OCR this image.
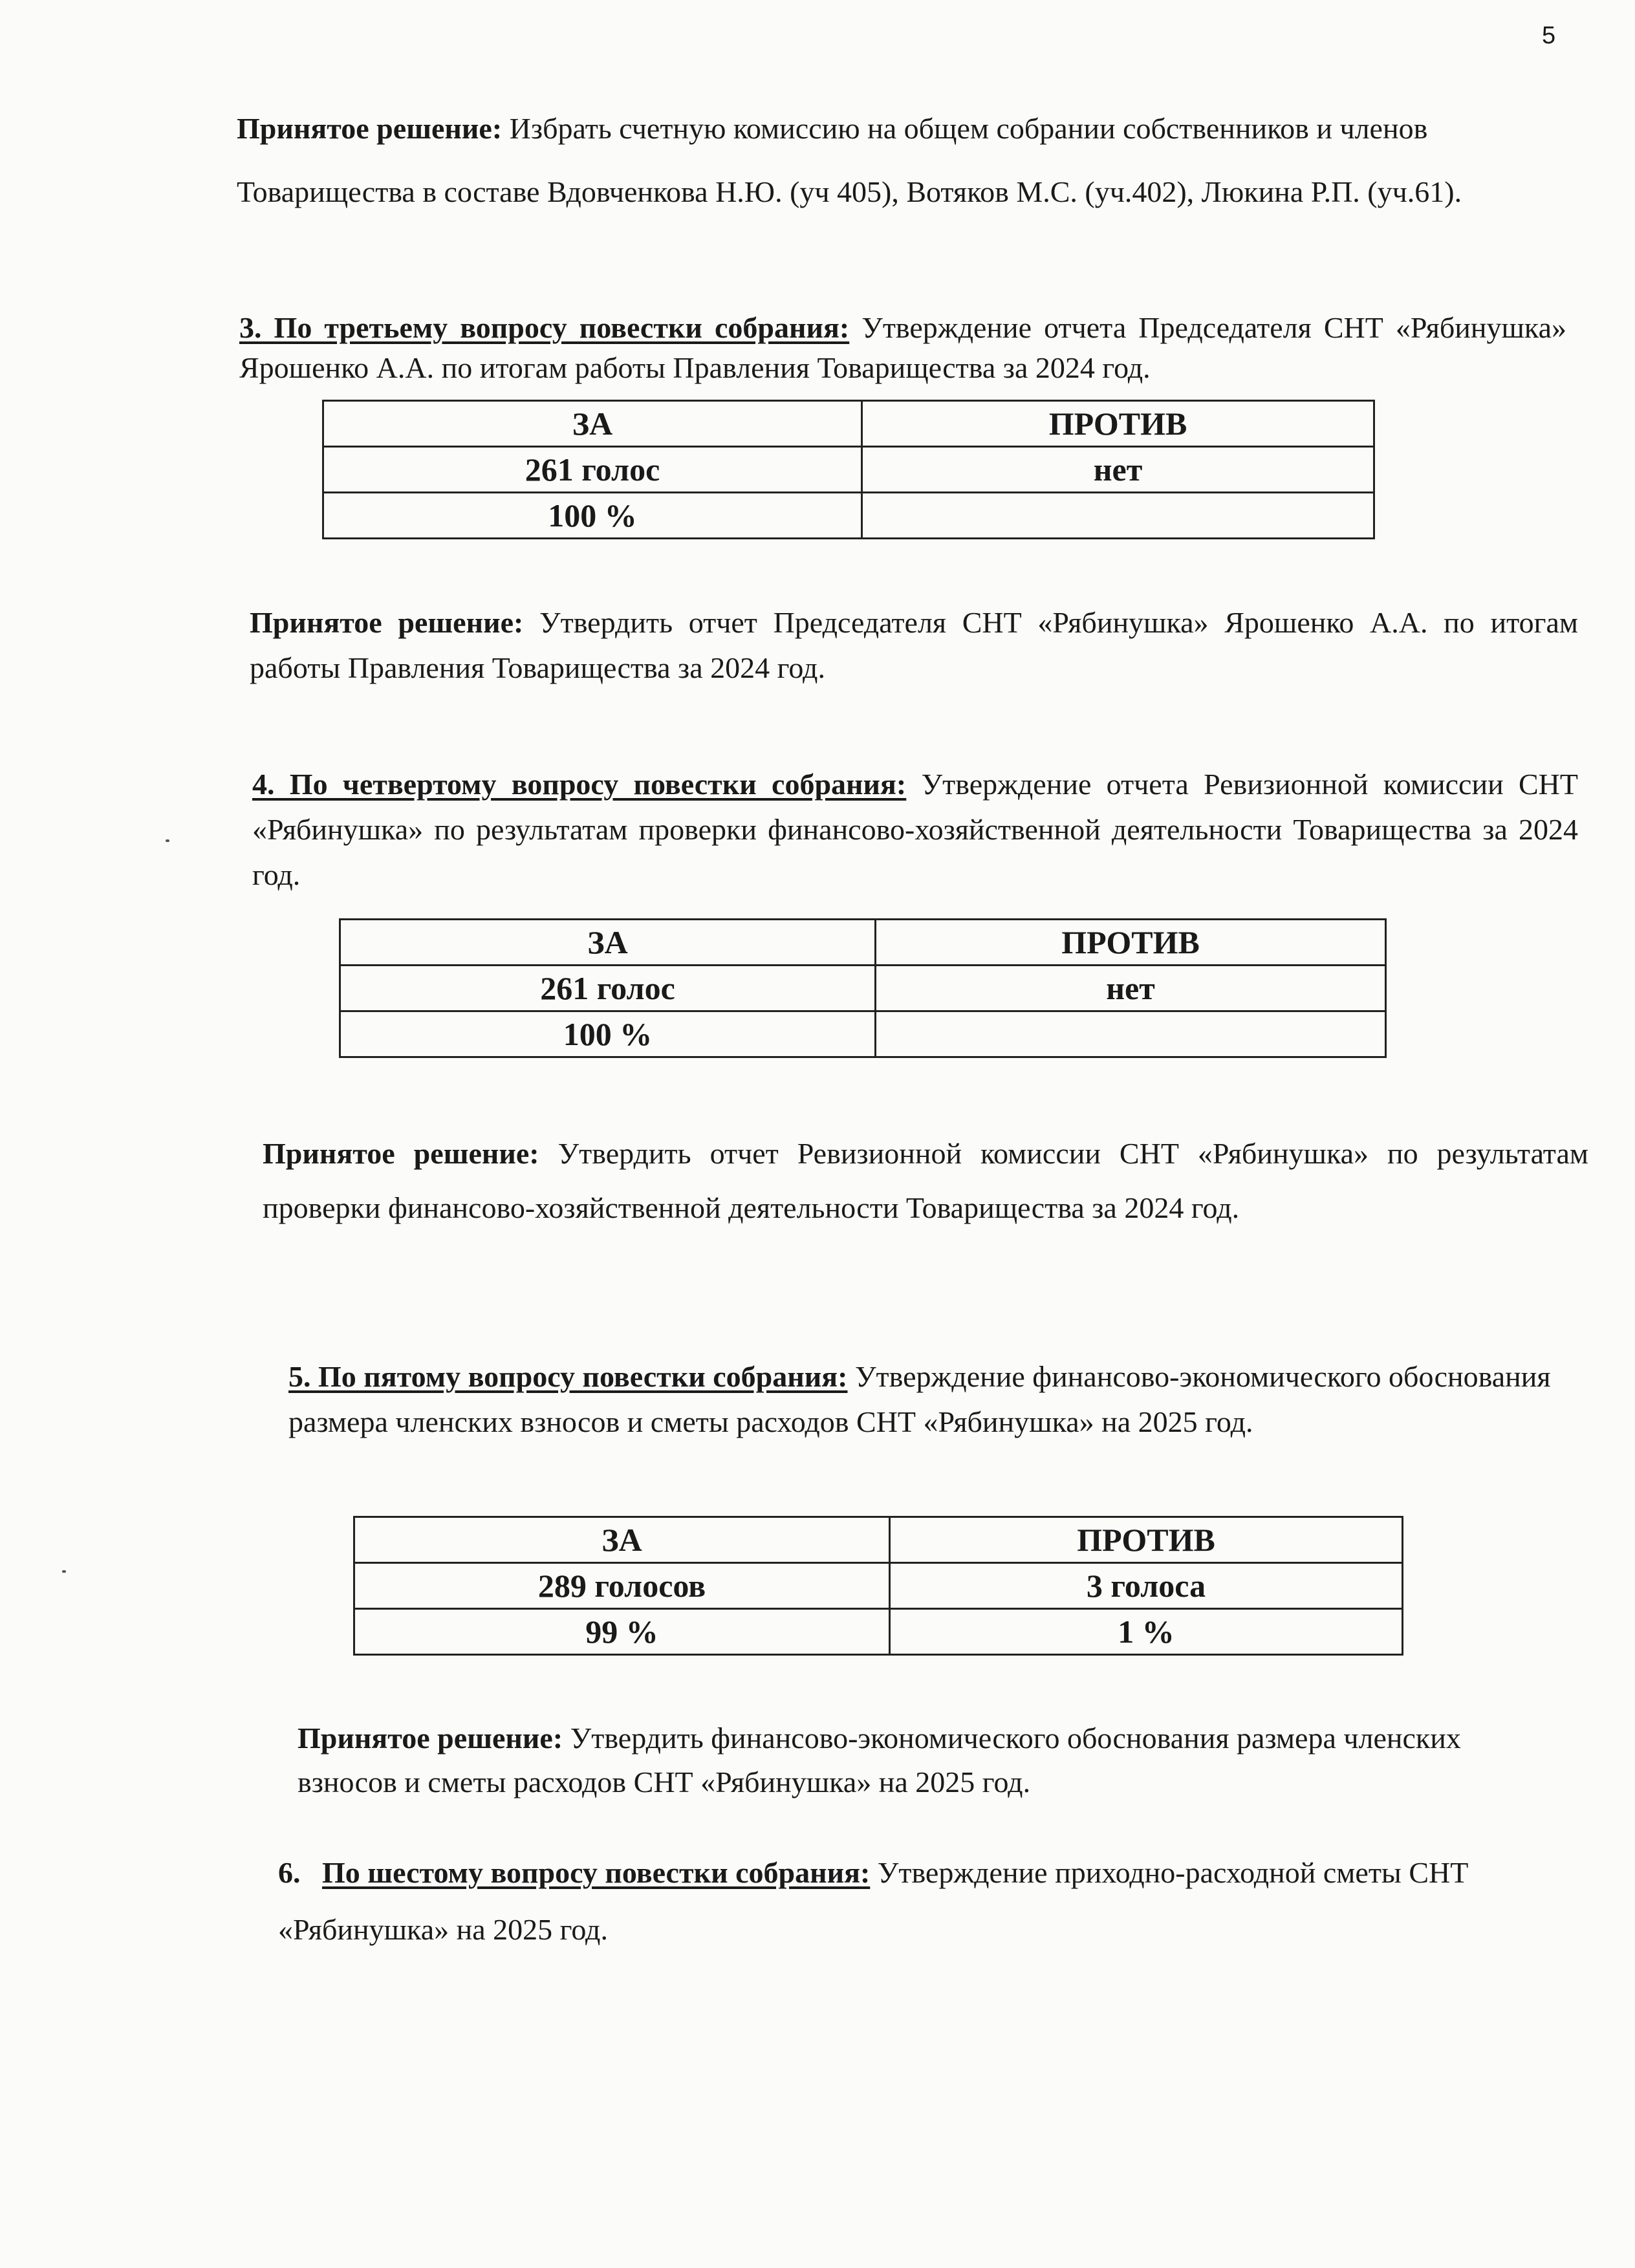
5
Принятое решение: Избрать счетную комиссию на общем собрании собственников и членов Товарищества в составе Вдовченкова Н.Ю. (уч 405), Вотяков М.С. (уч.402), Люкина Р.П. (уч.61).
3. По третьему вопросу повестки собрания: Утверждение отчета Председателя СНТ «Рябинушка» Ярошенко А.А. по итогам работы Правления Товарищества за 2024 год.
ЗА	ПРОТИВ
261 голос	нет
100 %	
Принятое решение: Утвердить отчет Председателя СНТ «Рябинушка» Ярошенко А.А. по итогам работы Правления Товарищества за 2024 год.
4. По четвертому вопросу повестки собрания: Утверждение отчета Ревизионной комиссии СНТ «Рябинушка» по результатам проверки финансово-хозяйственной деятельности Товарищества за 2024 год.
ЗА	ПРОТИВ
261 голос	нет
100 %	
Принятое решение: Утвердить отчет Ревизионной комиссии СНТ «Рябинушка» по результатам проверки финансово-хозяйственной деятельности Товарищества за 2024 год.
5. По пятому вопросу повестки собрания: Утверждение финансово-экономического обоснования размера членских взносов и сметы расходов СНТ «Рябинушка» на 2025 год.
ЗА	ПРОТИВ
289 голосов	3 голоса
99 %	1 %
Принятое решение: Утвердить финансово-экономического обоснования размера членских взносов и сметы расходов СНТ «Рябинушка» на 2025 год.
6. По шестому вопросу повестки собрания: Утверждение приходно-расходной сметы СНТ «Рябинушка» на 2025 год.
